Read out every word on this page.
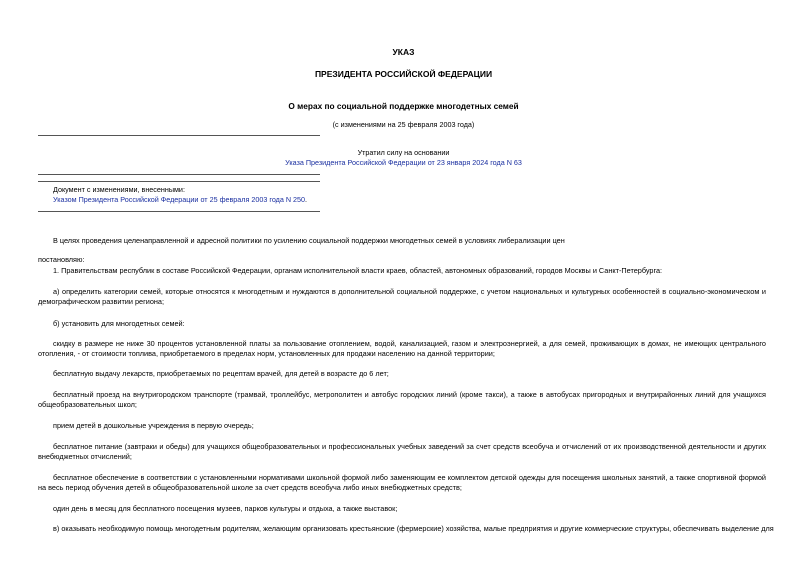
УКАЗ
ПРЕЗИДЕНТА РОССИЙСКОЙ ФЕДЕРАЦИИ
О мерах по социальной поддержке многодетных семей
(с изменениями на 25 февраля 2003 года)
Утратил силу на основании
Указа Президента Российской Федерации от 23 января 2024 года N 63
Документ с изменениями, внесенными:
Указом Президента Российской Федерации от 25 февраля 2003 года N 250.
В целях проведения целенаправленной и адресной политики по усилению социальной поддержки многодетных семей в условиях либерализации цен
постановляю:
1. Правительствам республик в составе Российской Федерации, органам исполнительной власти краев, областей, автономных образований, городов Москвы и Санкт-Петербурга:
а) определить категории семей, которые относятся к многодетным и нуждаются в дополнительной социальной поддержке, с учетом национальных и культурных особенностей в социально-экономическом и демографическом развитии региона;
б) установить для многодетных семей:
скидку в размере не ниже 30 процентов установленной платы за пользование отоплением, водой, канализацией, газом и электроэнергией, а для семей, проживающих в домах, не имеющих центрального отопления, - от стоимости топлива, приобретаемого в пределах норм, установленных для продажи населению на данной территории;
бесплатную выдачу лекарств, приобретаемых по рецептам врачей, для детей в возрасте до 6 лет;
бесплатный проезд на внутригородском транспорте (трамвай, троллейбус, метрополитен и автобус городских линий (кроме такси), а также в автобусах пригородных и внутрирайонных линий для учащихся общеобразовательных школ;
прием детей в дошкольные учреждения в первую очередь;
бесплатное питание (завтраки и обеды) для учащихся общеобразовательных и профессиональных учебных заведений за счет средств всеобуча и отчислений от их производственной деятельности и других внебюджетных отчислений;
бесплатное обеспечение в соответствии с установленными нормативами школьной формой либо заменяющим ее комплектом детской одежды для посещения школьных занятий, а также спортивной формой на весь период обучения детей в общеобразовательной школе за счет средств всеобуча либо иных внебюджетных средств;
один день в месяц для бесплатного посещения музеев, парков культуры и отдыха, а также выставок;
в) оказывать необходимую помощь многодетным родителям, желающим организовать крестьянские (фермерские) хозяйства, малые предприятия и другие коммерческие структуры, обеспечивать выделение для
